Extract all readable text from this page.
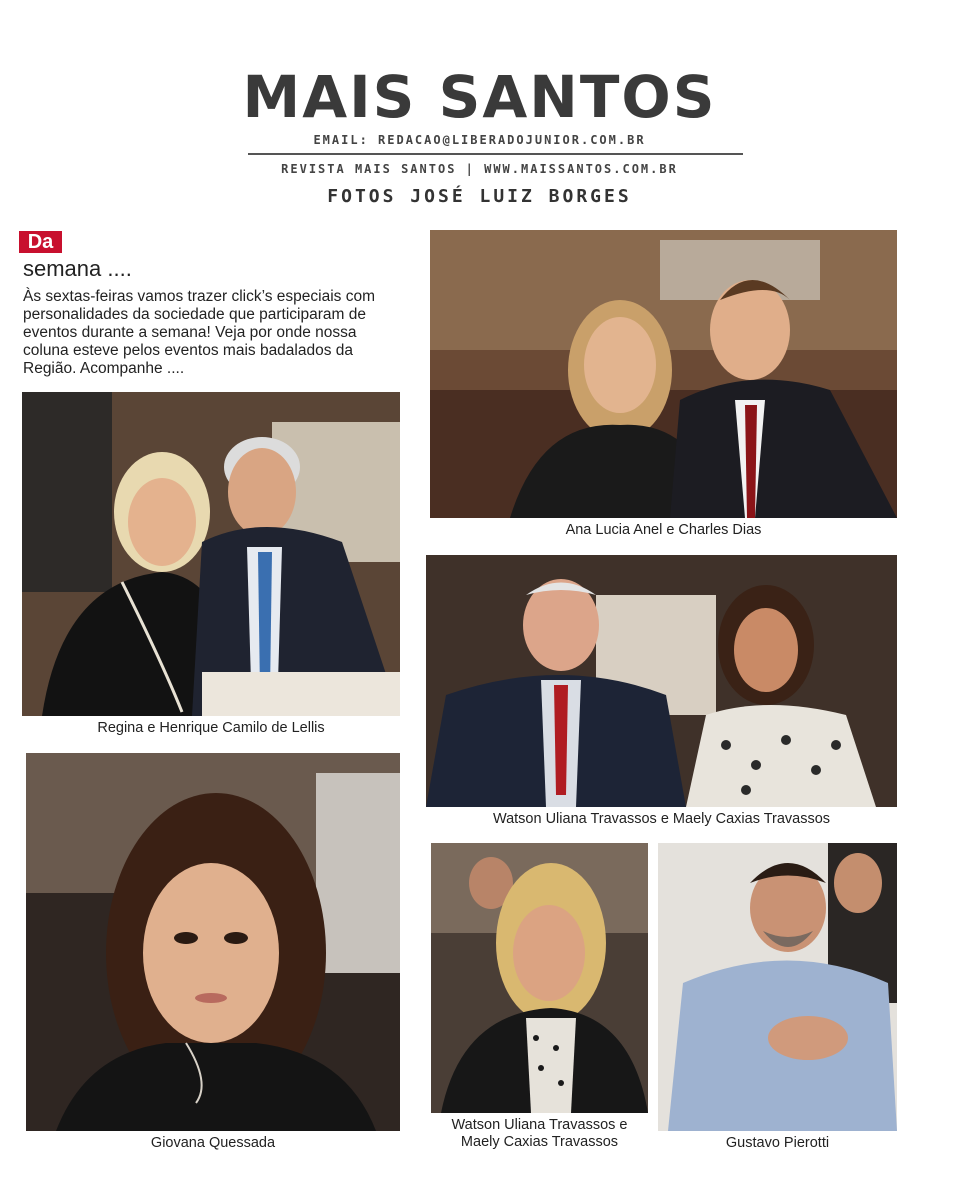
MAIS SANTOS
EMAIL: REDACAO@LIBERADOJUNIOR.COM.BR
REVISTA MAIS SANTOS | WWW.MAISSANTOS.COM.BR
FOTOS JOSÉ LUIZ BORGES
Da
semana ....
Às sextas-feiras vamos trazer click’s especiais com personalidades da sociedade que participaram de eventos durante a semana! Veja por onde nossa coluna esteve pelos eventos mais badalados da Região. Acompanhe ....
Ana Lucia Anel e Charles Dias
Regina e Henrique Camilo de Lellis
Watson Uliana Travassos e Maely Caxias Travassos
Giovana Quessada
Watson Uliana Travassos e
Maely Caxias Travassos	Gustavo Pierotti
